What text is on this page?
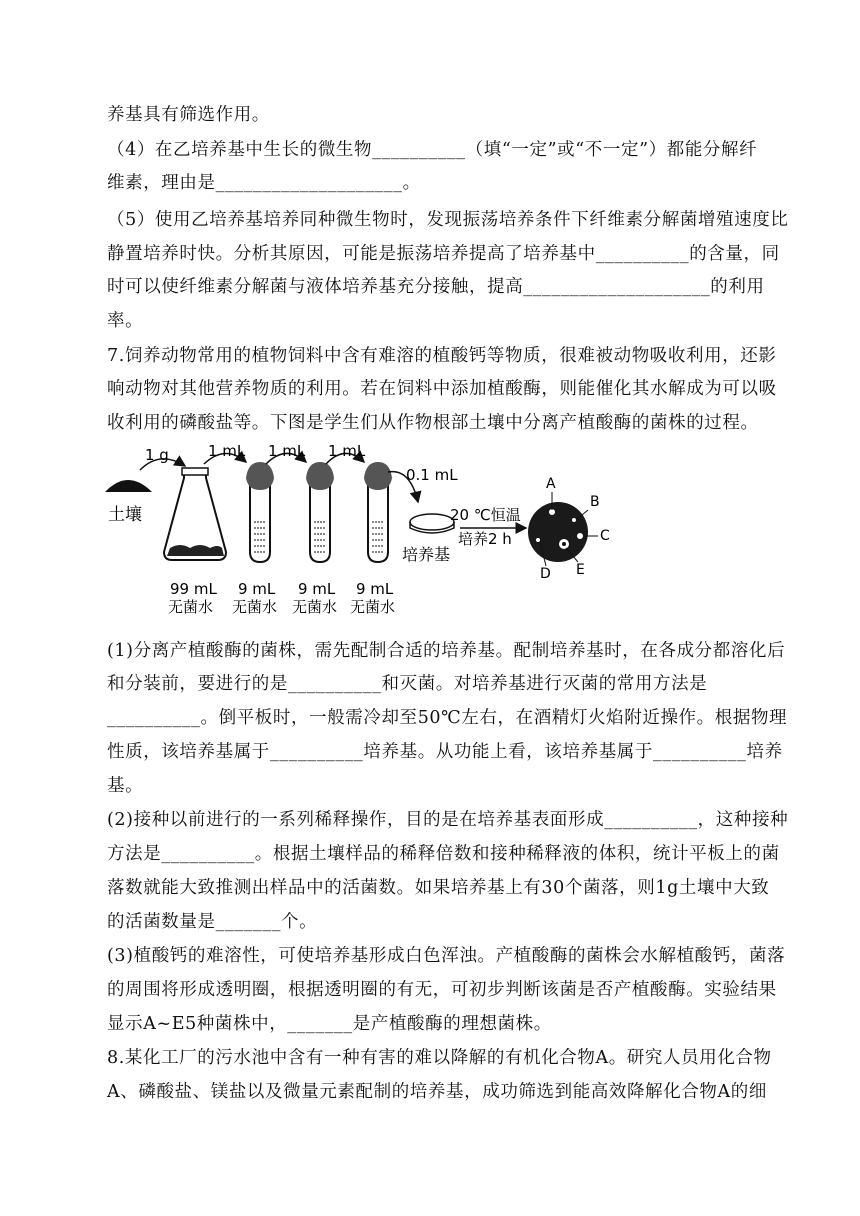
养基具有筛选作用。
（4）在乙培养基中生长的微生物__________（填“一定”或“不一定”）都能分解纤
维素，理由是____________________。
（5）使用乙培养基培养同种微生物时，发现振荡培养条件下纤维素分解菌增殖速度比
静置培养时快。分析其原因，可能是振荡培养提高了培养基中__________的含量，同
时可以使纤维素分解菌与液体培养基充分接触，提高____________________的利用
率。
7.饲养动物常用的植物饲料中含有难溶的植酸钙等物质，很难被动物吸收利用，还影
响动物对其他营养物质的利用。若在饲料中添加植酸酶，则能催化其水解成为可以吸
收利用的磷酸盐等。下图是学生们从作物根部土壤中分离产植酸酶的菌株的过程。
土壤
1 g	1 mL 1 mL 1 mL
0.1 mL
99 mL
无菌水
9 mL
无菌水
9 mL
无菌水
9 mL
无菌水
培养基
20 ℃恒温
培养2 h
A
B
C
D E
(1)分离产植酸酶的菌株，需先配制合适的培养基。配制培养基时，在各成分都溶化后
和分装前，要进行的是__________和灭菌。对培养基进行灭菌的常用方法是
__________。倒平板时，一般需冷却至50℃左右，在酒精灯火焰附近操作。根据物理
性质，该培养基属于__________培养基。从功能上看，该培养基属于__________培养
基。
(2)接种以前进行的一系列稀释操作，目的是在培养基表面形成__________，这种接种
方法是__________。根据土壤样品的稀释倍数和接种稀释液的体积，统计平板上的菌
落数就能大致推测出样品中的活菌数。如果培养基上有30个菌落，则1g土壤中大致
的活菌数量是_______个。
(3)植酸钙的难溶性，可使培养基形成白色浑浊。产植酸酶的菌株会水解植酸钙，菌落
的周围将形成透明圈，根据透明圈的有无，可初步判断该菌是否产植酸酶。实验结果
显示A~E5种菌株中，_______是产植酸酶的理想菌株。
8.某化工厂的污水池中含有一种有害的难以降解的有机化合物A。研究人员用化合物
A、磷酸盐、镁盐以及微量元素配制的培养基，成功筛选到能高效降解化合物A的细
